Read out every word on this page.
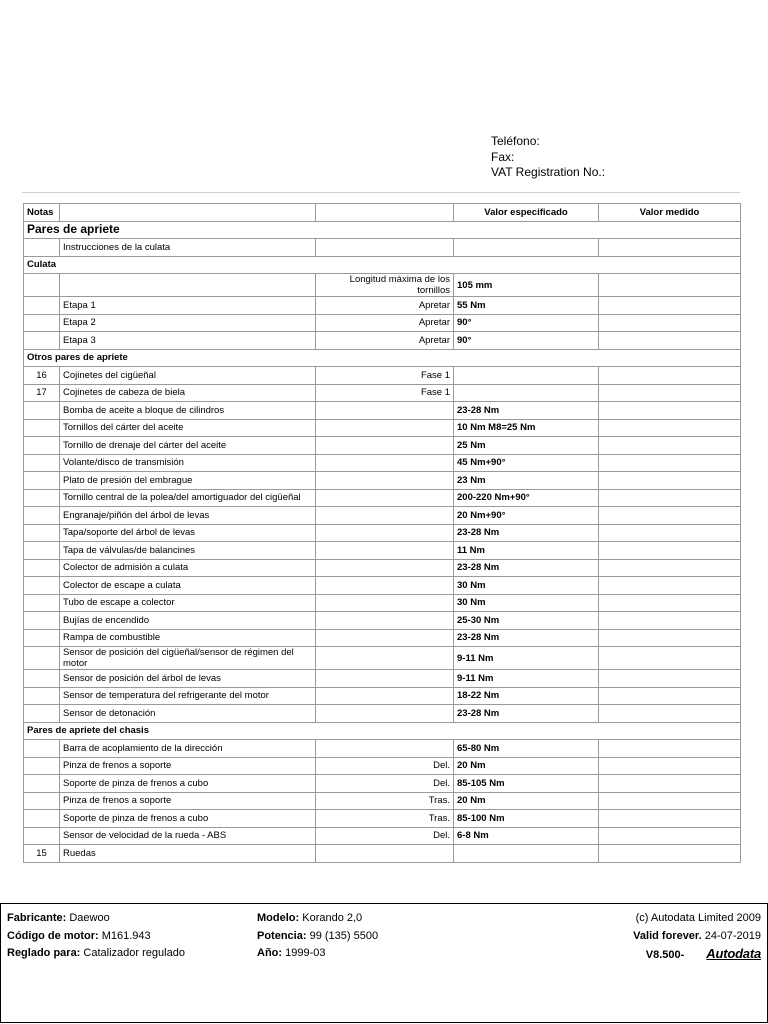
Teléfono:
Fax:
VAT Registration No.:
Notas			Valor especificado	Valor medido
Pares de apriete				
	Instrucciones de la culata			
Culata				
		Longitud máxima de los tornillos	105 mm	
	Etapa 1	Apretar	55 Nm	
	Etapa 2	Apretar	90°	
	Etapa 3	Apretar	90°	
Otros pares de apriete				
16	Cojinetes del cigüeñal	Fase 1		
17	Cojinetes de cabeza de biela	Fase 1		
	Bomba de aceite a bloque de cilindros		23-28 Nm	
	Tornillos del cárter del aceite		10 Nm M8=25 Nm	
	Tornillo de drenaje del cárter del aceite		25 Nm	
	Volante/disco de transmisión		45 Nm+90°	
	Plato de presión del embrague		23 Nm	
	Tornillo central de la polea/del amortiguador del cigüeñal		200-220 Nm+90°	
	Engranaje/piñón del árbol de levas		20 Nm+90°	
	Tapa/soporte del árbol de levas		23-28 Nm	
	Tapa de válvulas/de balancines		11 Nm	
	Colector de admisión a culata		23-28 Nm	
	Colector de escape a culata		30 Nm	
	Tubo de escape a colector		30 Nm	
	Bujías de encendido		25-30 Nm	
	Rampa de combustible		23-28 Nm	
	Sensor de posición del cigüeñal/sensor de régimen del motor		9-11 Nm	
	Sensor de posición del árbol de levas		9-11 Nm	
	Sensor de temperatura del refrigerante del motor		18-22 Nm	
	Sensor de detonación		23-28 Nm	
Pares de apriete del chasis				
	Barra de acoplamiento de la dirección		65-80 Nm	
	Pinza de frenos a soporte	Del.	20 Nm	
	Soporte de pinza de frenos a cubo	Del.	85-105 Nm	
	Pinza de frenos a soporte	Tras.	20 Nm	
	Soporte de pinza de frenos a cubo	Tras.	85-100 Nm	
	Sensor de velocidad de la rueda - ABS	Del.	6-8 Nm	
15	Ruedas			
Fabricante: Daewoo
Código de motor: M161.943
Reglado para: Catalizador regulado
Modelo: Korando 2,0
Potencia: 99 (135) 5500
Año: 1999-03
(c) Autodata Limited 2009
Valid forever. 24-07-2019
V8.500- Autodata
